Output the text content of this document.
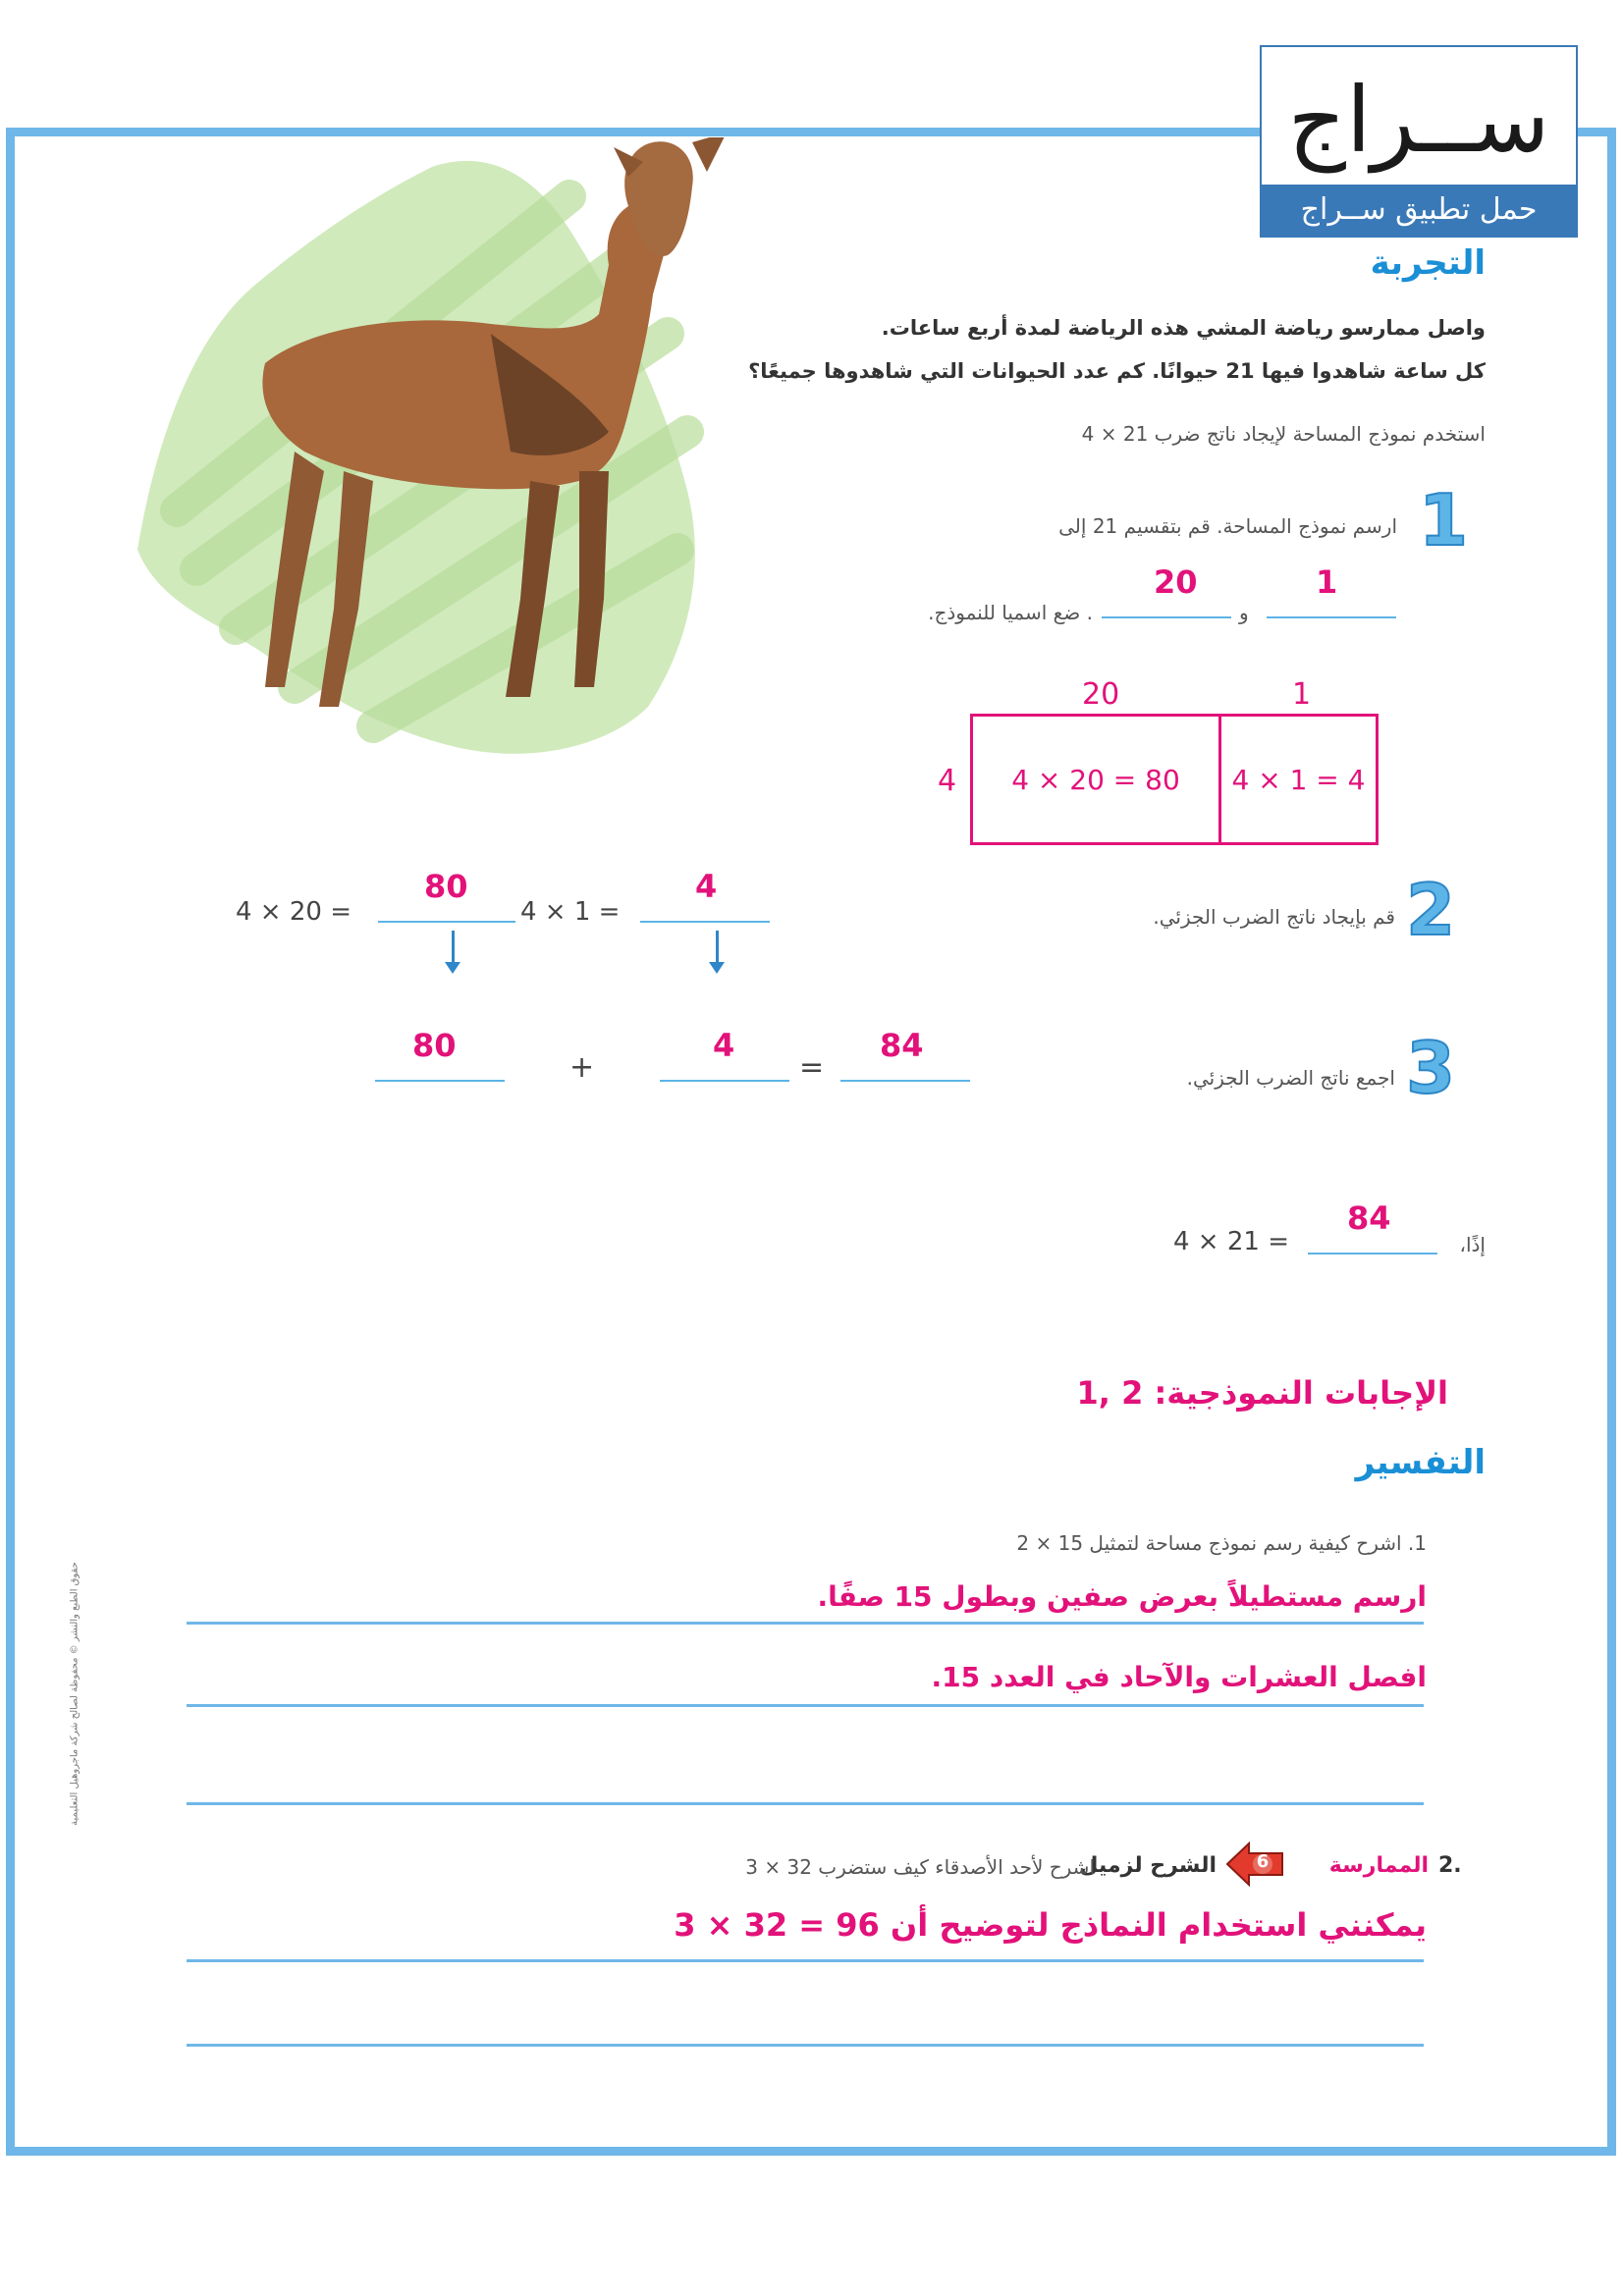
ســراج
حمل تطبيق ســراج
التجربة
واصل ممارسو رياضة المشي هذه الرياضة لمدة أربع ساعات.
كل ساعة شاهدوا فيها 21 حيوانًا. كم عدد الحيوانات التي شاهدوها جميعًا؟
استخدم نموذج المساحة لإيجاد ناتج ضرب 21 × 4
1
ارسم نموذج المساحة. قم بتقسيم 21 إلى
1
و
20
. ضع اسميا للنموذج.
20	1
4	4 × 20 = 80	4 × 1 = 4
2
قم بإيجاد ناتج الضرب الجزئي.
4 × 20 =
80
4 × 1 =
4
3
اجمع ناتج الضرب الجزئي.
80
+
4
=
84
إذًا،
4 × 21 =
84
الإجابات النموذجية: 2 ,1
التفسير
1. اشرح كيفية رسم نموذج مساحة لتمثيل 15 × 2
ارسم مستطيلاً بعرض صفين وبطول 15 صفًا.
افصل العشرات والآحاد في العدد 15.
2.
الممارسة
6
الشرح لزميل
اشرح لأحد الأصدقاء كيف ستضرب 32 × 3
يمكنني استخدام النماذج لتوضيح أن 96 = 32 × 3
حقوق الطبع والنشر © محفوظة لصالح شركة ماجروهيل التعليمية
